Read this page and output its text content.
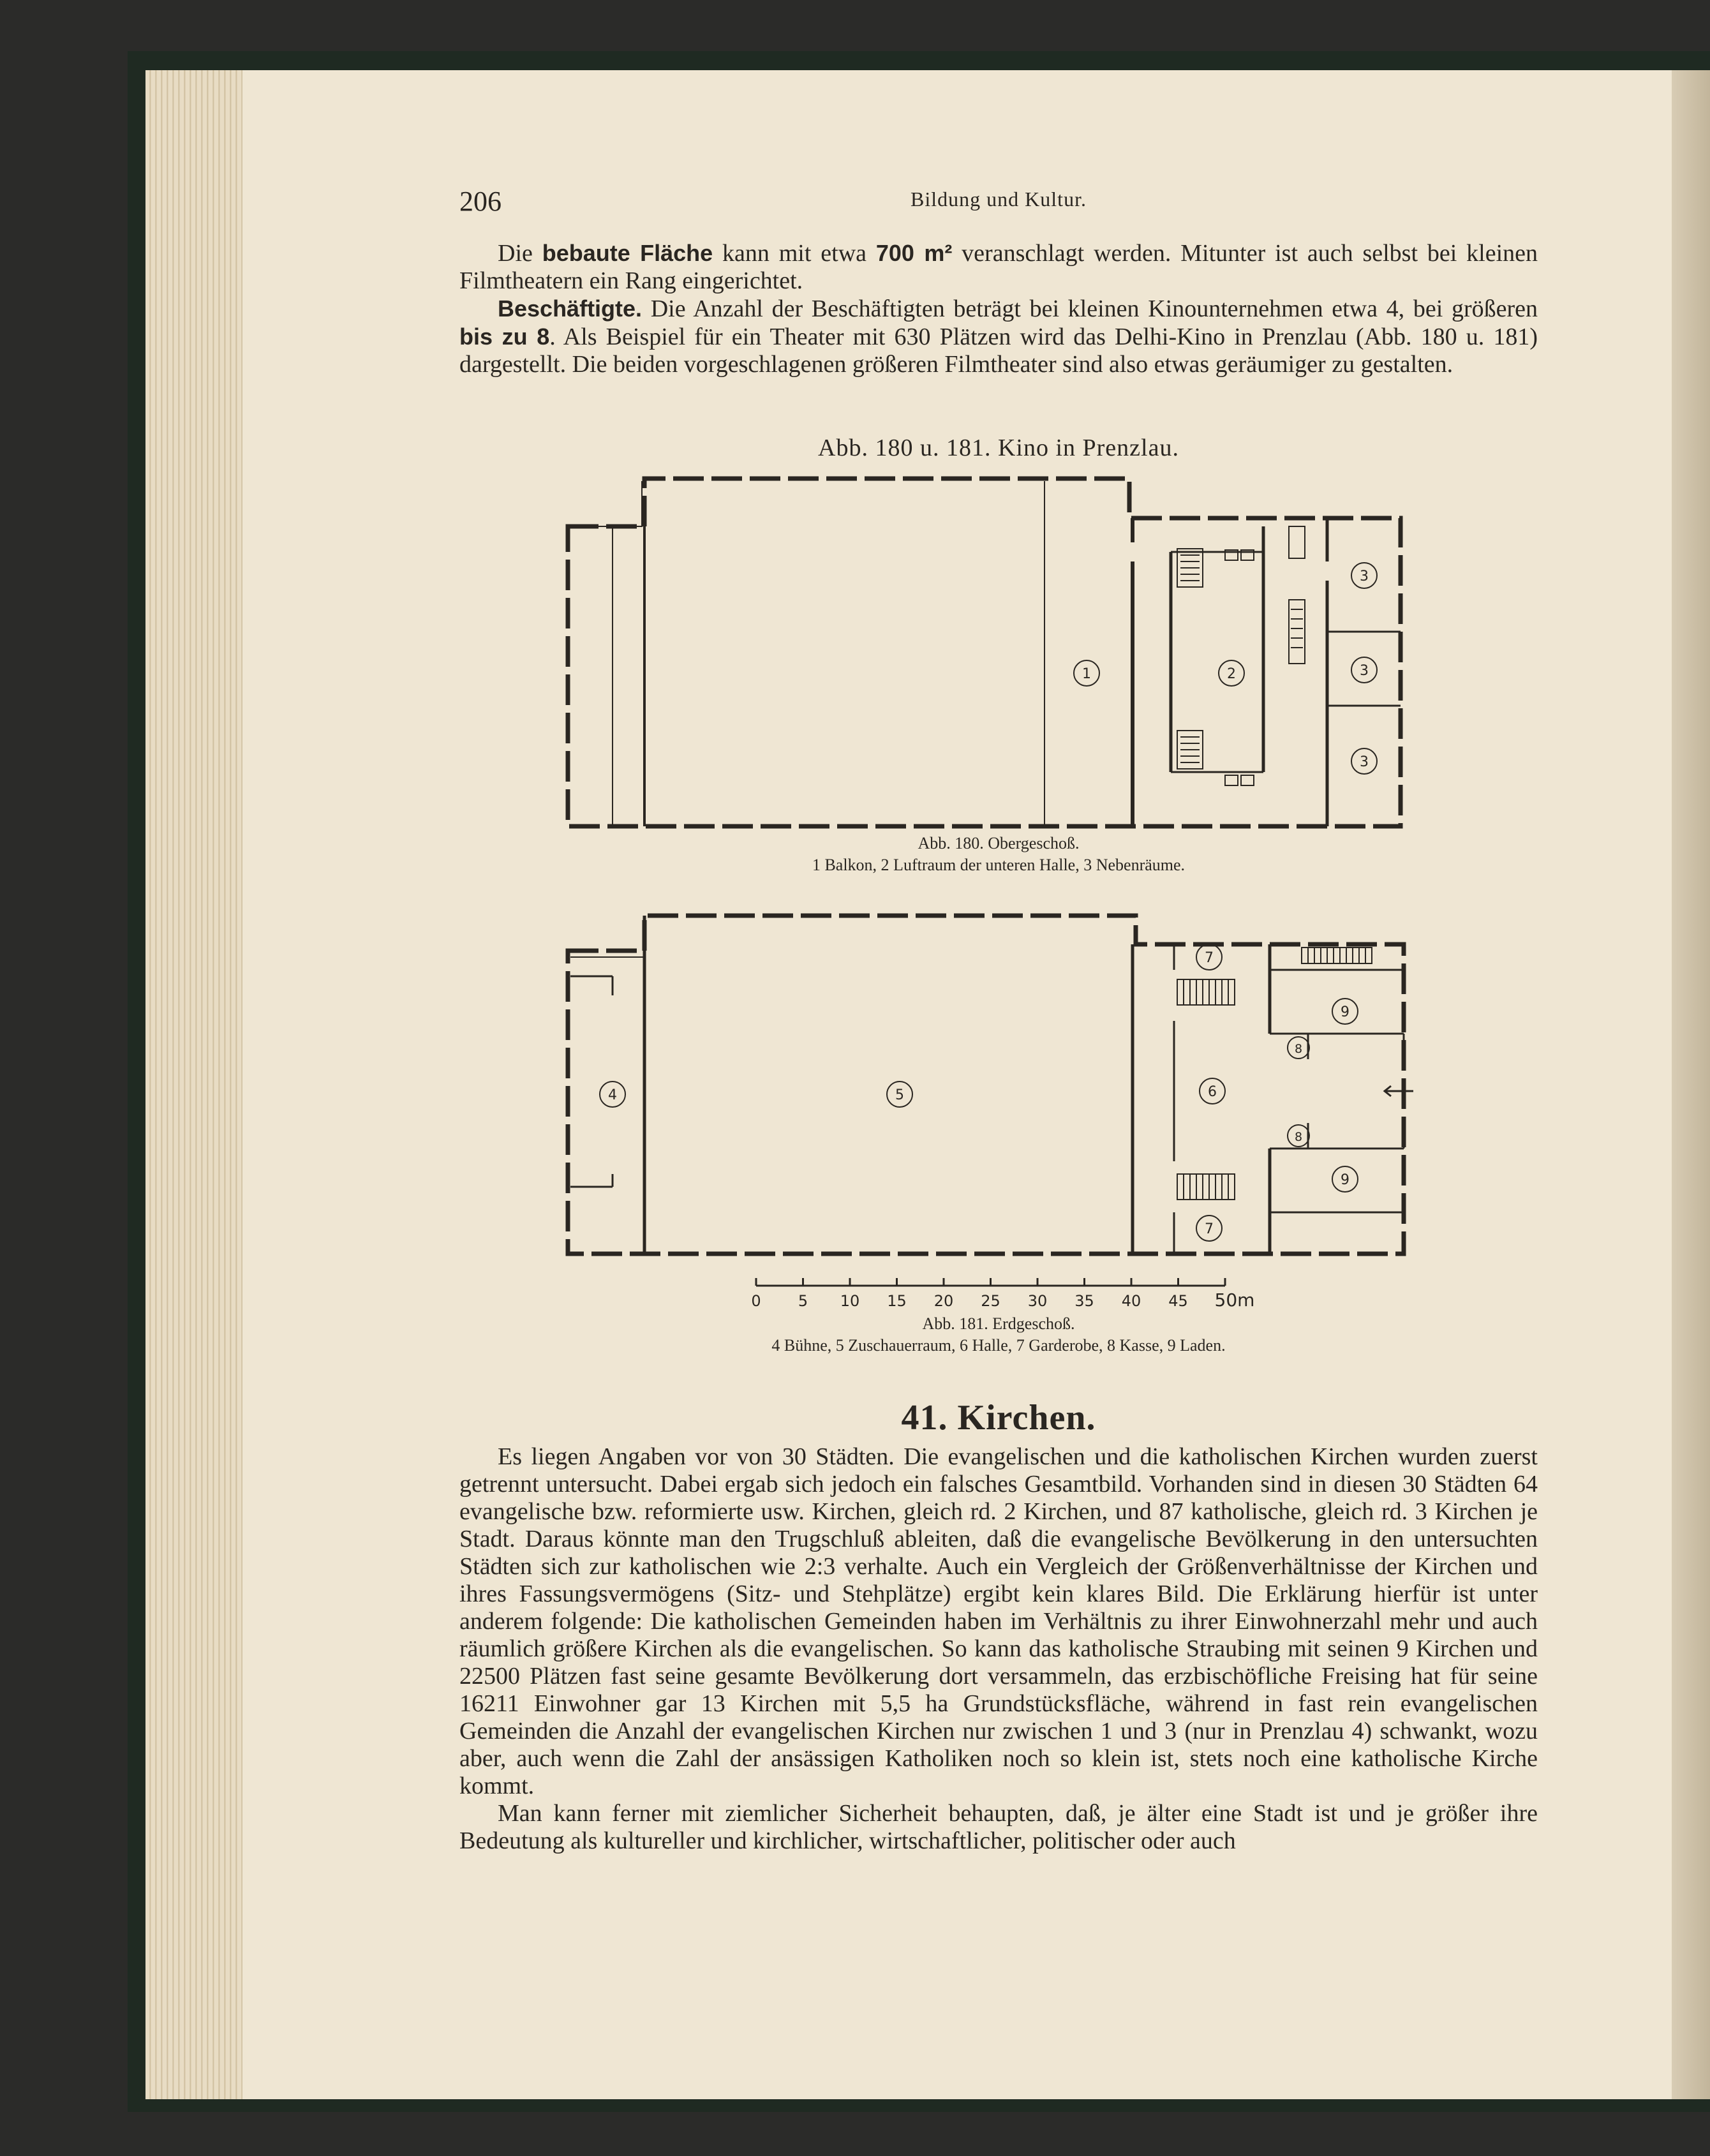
206	Bildung und Kultur.

Die bebaute Fläche kann mit etwa 700 m² veranschlagt werden. Mitunter ist auch selbst bei kleinen Filmtheatern ein Rang eingerichtet.

Beschäftigte. Die Anzahl der Beschäftigten beträgt bei kleinen Kinounternehmen etwa 4, bei größeren bis zu 8. Als Beispiel für ein Theater mit 630 Plätzen wird das Delhi-Kino in Prenzlau (Abb. 180 u. 181) dargestellt. Die beiden vorgeschlagenen größeren Filmtheater sind also etwas geräumiger zu gestalten.

Abb. 180 u. 181. Kino in Prenzlau.
1	2
3
3
3
Abb. 180. Obergeschoß.
1 Balkon, 2 Luftraum der unteren Halle, 3 Nebenräume.
4	5	6
7
7
8
8
9
9
0 5 10 15 20 25 30 35 40 45 50m
Abb. 181. Erdgeschoß.
4 Bühne, 5 Zuschauerraum, 6 Halle, 7 Garderobe, 8 Kasse, 9 Laden.
41. Kirchen.

Es liegen Angaben vor von 30 Städten. Die evangelischen und die katholischen Kirchen wurden zuerst getrennt untersucht. Dabei ergab sich jedoch ein falsches Gesamtbild. Vorhanden sind in diesen 30 Städten 64 evangelische bzw. reformierte usw. Kirchen, gleich rd. 2 Kirchen, und 87 katholische, gleich rd. 3 Kirchen je Stadt. Daraus könnte man den Trugschluß ableiten, daß die evangelische Bevölkerung in den untersuchten Städten sich zur katholischen wie 2:3 verhalte. Auch ein Vergleich der Größenverhältnisse der Kirchen und ihres Fassungsvermögens (Sitz- und Stehplätze) ergibt kein klares Bild. Die Erklärung hierfür ist unter anderem folgende: Die katholischen Gemeinden haben im Verhältnis zu ihrer Einwohnerzahl mehr und auch räumlich größere Kirchen als die evangelischen. So kann das katholische Straubing mit seinen 9 Kirchen und 22500 Plätzen fast seine gesamte Bevölkerung dort versammeln, das erzbischöfliche Freising hat für seine 16211 Einwohner gar 13 Kirchen mit 5,5 ha Grundstücksfläche, während in fast rein evangelischen Gemeinden die Anzahl der evangelischen Kirchen nur zwischen 1 und 3 (nur in Prenzlau 4) schwankt, wozu aber, auch wenn die Zahl der ansässigen Katholiken noch so klein ist, stets noch eine katholische Kirche kommt.

Man kann ferner mit ziemlicher Sicherheit behaupten, daß, je älter eine Stadt ist und je größer ihre Bedeutung als kultureller und kirchlicher, wirtschaftlicher, politischer oder auch
